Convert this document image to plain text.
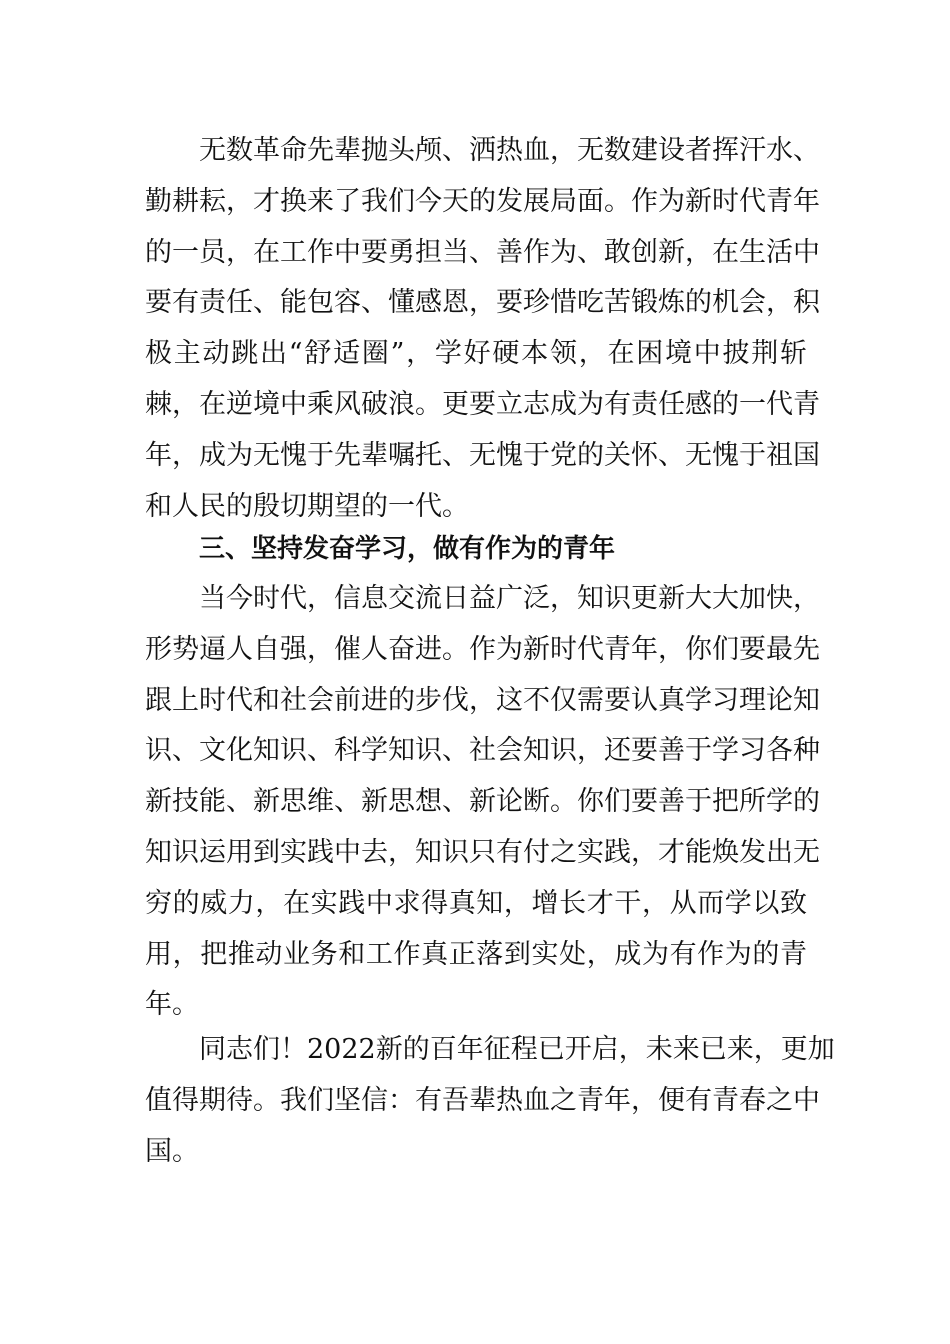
无数革命先辈抛头颅、洒热血，无数建设者挥汗水、
勤耕耘，才换来了我们今天的发展局面。作为新时代青年
的一员，在工作中要勇担当、善作为、敢创新，在生活中
要有责任、能包容、懂感恩，要珍惜吃苦锻炼的机会，积
极主动跳出“舒适圈”，学好硬本领，在困境中披荆斩
棘，在逆境中乘风破浪。更要立志成为有责任感的一代青
年，成为无愧于先辈嘱托、无愧于党的关怀、无愧于祖国
和人民的殷切期望的一代。
三、坚持发奋学习，做有作为的青年
当今时代，信息交流日益广泛，知识更新大大加快，
形势逼人自强，催人奋进。作为新时代青年，你们要最先
跟上时代和社会前进的步伐，这不仅需要认真学习理论知
识、文化知识、科学知识、社会知识，还要善于学习各种
新技能、新思维、新思想、新论断。你们要善于把所学的
知识运用到实践中去，知识只有付之实践，才能焕发出无
穷的威力，在实践中求得真知，增长才干，从而学以致
用，把推动业务和工作真正落到实处，成为有作为的青
年。
同志们！2022新的百年征程已开启，未来已来，更加
值得期待。我们坚信：有吾辈热血之青年，便有青春之中
国。
